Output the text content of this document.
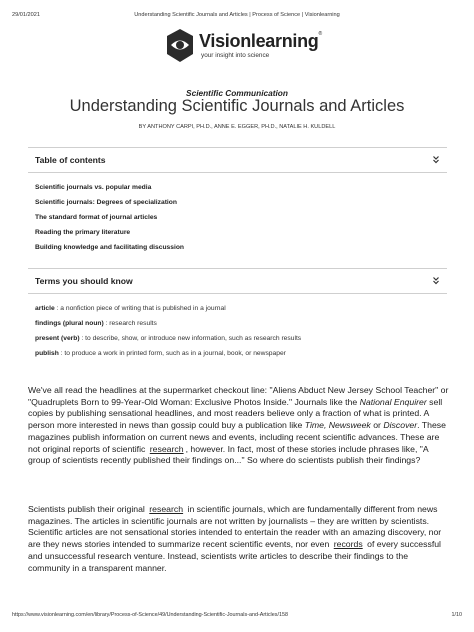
29/01/2021	Understanding Scientific Journals and Articles | Process of Science | Visionlearning
Visionlearning®
your insight into science
Scientific Communication
Understanding Scientific Journals and Articles
BY ANTHONY CARPI, PH.D., ANNE E. EGGER, PH.D., NATALIE H. KULDELL
Table of contents
Scientific journals vs. popular media
Scientific journals: Degrees of specialization
The standard format of journal articles
Reading the primary literature
Building knowledge and facilitating discussion
Terms you should know
article : a nonfiction piece of writing that is published in a journal
findings (plural noun) : research results
present (verb) : to describe, show, or introduce new information, such as research results
publish : to produce a work in printed form, such as in a journal, book, or newspaper

We've all read the headlines at the supermarket checkout line: "Aliens Abduct New Jersey School Teacher" or "Quadruplets Born to 99-Year-Old Woman: Exclusive Photos Inside." Journals like the National Enquirer sell copies by publishing sensational headlines, and most readers believe only a fraction of what is printed. A person more interested in news than gossip could buy a publication like Time, Newsweek or Discover. These magazines publish information on current news and events, including recent scientific advances. These are not original reports of scientific research , however. In fact, most of these stories include phrases like, "A group of scientists recently published their findings on..." So where do scientists publish their findings?

Scientists publish their original research in scientific journals, which are fundamentally different from news magazines. The articles in scientific journals are not written by journalists – they are written by scientists. Scientific articles are not sensational stories intended to entertain the reader with an amazing discovery, nor are they news stories intended to summarize recent scientific events, nor even records of every successful and unsuccessful research venture. Instead, scientists write articles to describe their findings to the community in a transparent manner.

https://www.visionlearning.com/en/library/Process-of-Science/49/Understanding-Scientific-Journals-and-Articles/158	1/10
